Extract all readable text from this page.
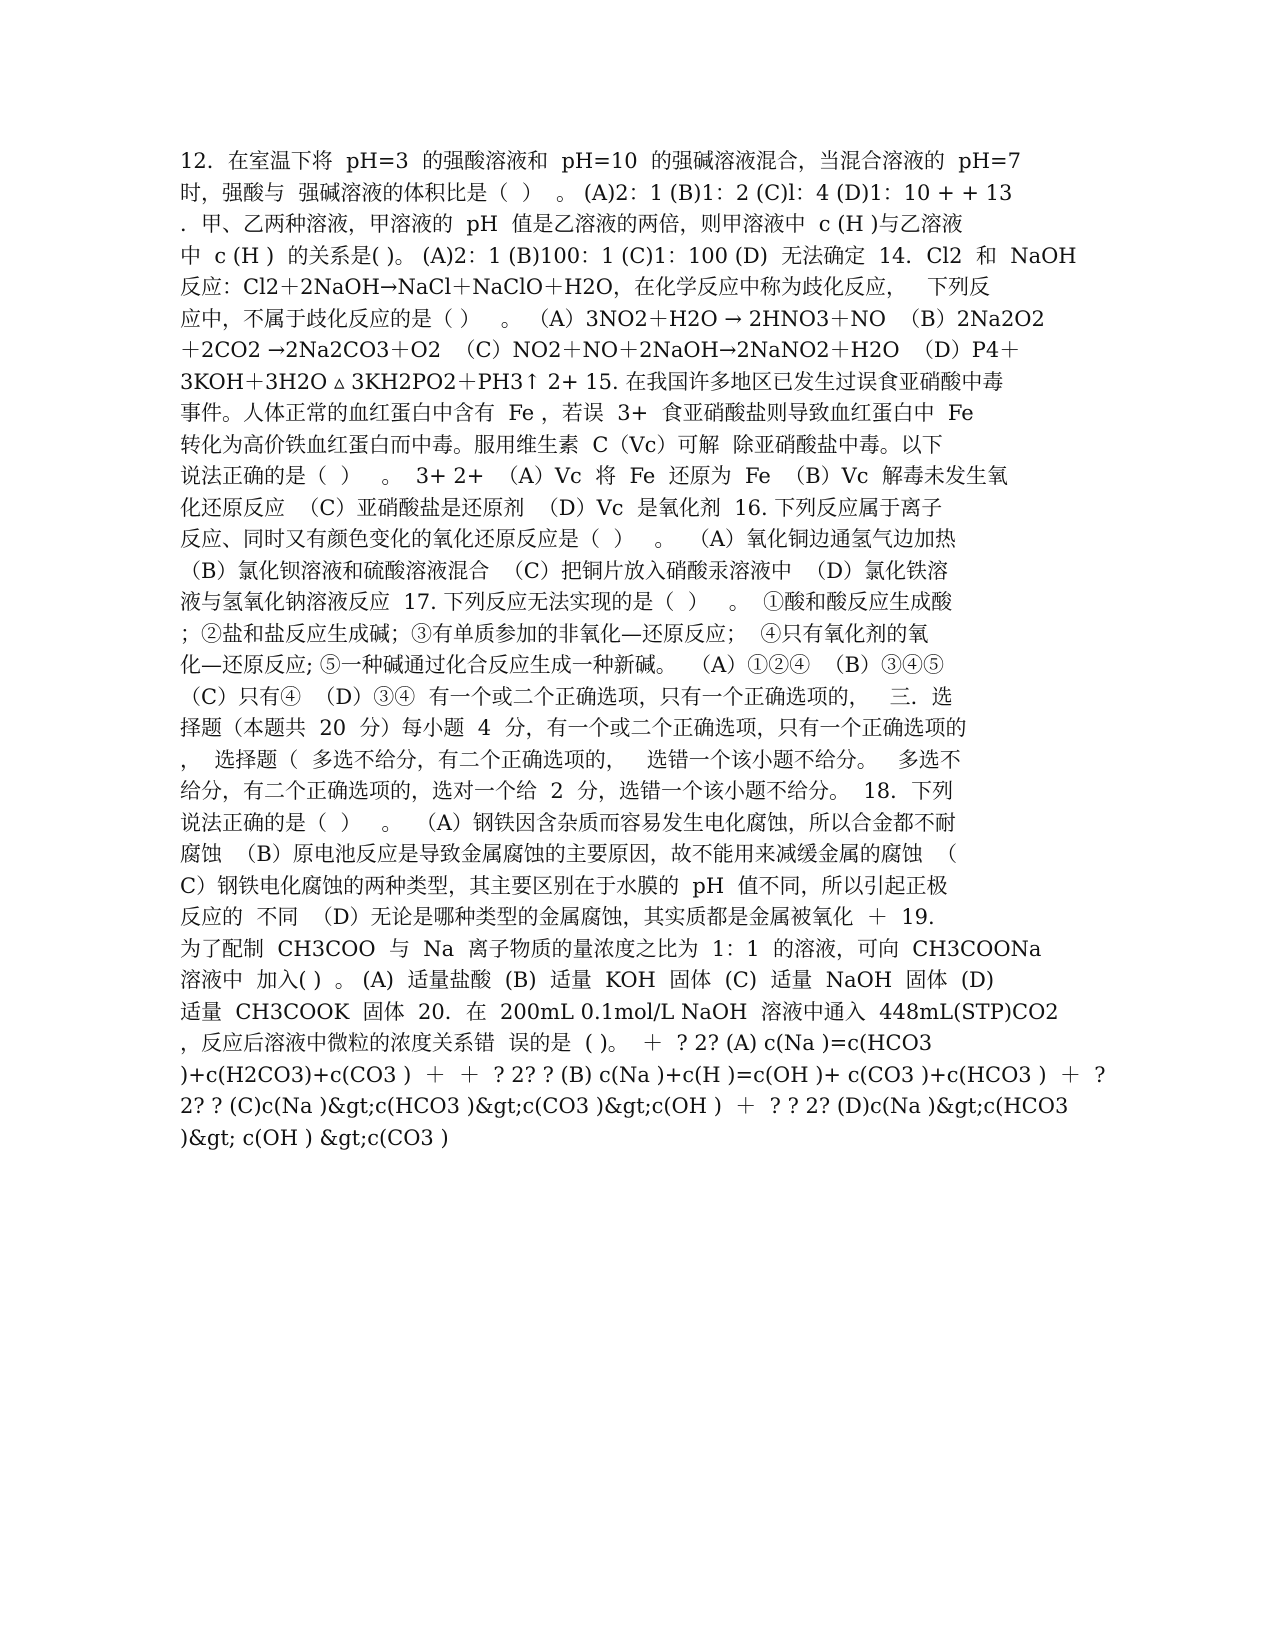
12．在室温下将  pH=3  的强酸溶液和  pH=10  的强碱溶液混合，当混合溶液的  pH=7
时，强酸与  强碱溶液的体积比是（  ）  。 (A)2：1 (B)1：2 (C)l：4 (D)1：10 + + 13
．甲、乙两种溶液，甲溶液的  pH  值是乙溶液的两倍，则甲溶液中  c (H )与乙溶液
中  c (H )  的关系是( )。 (A)2：1 (B)100：1 (C)1：100 (D)  无法确定  14．Cl2  和  NaOH
反应：Cl2＋2NaOH→NaCl＋NaClO＋H2O，在化学反应中称为歧化反应，   下列反
应中，不属于歧化反应的是（ ）   。 （A）3NO2＋H2O → 2HNO3＋NO  （B）2Na2O2
＋2CO2 →2Na2CO3＋O2  （C）NO2＋NO＋2NaOH→2NaNO2＋H2O  （D）P4＋
3KOH＋3H2O ▵ 3KH2PO2＋PH3↑ 2+ 15. 在我国许多地区已发生过误食亚硝酸中毒
事件。人体正常的血红蛋白中含有  Fe ，若误  3+  食亚硝酸盐则导致血红蛋白中  Fe
转化为高价铁血红蛋白而中毒。服用维生素  C（Vc）可解  除亚硝酸盐中毒。以下
说法正确的是（  ）   。  3+ 2+  （A）Vc  将  Fe  还原为  Fe  （B）Vc  解毒未发生氧
化还原反应  （C）亚硝酸盐是还原剂  （D）Vc  是氧化剂  16. 下列反应属于离子
反应、同时又有颜色变化的氧化还原反应是（  ）   。  （A）氧化铜边通氢气边加热
（B）氯化钡溶液和硫酸溶液混合  （C）把铜片放入硝酸汞溶液中  （D）氯化铁溶
液与氢氧化钠溶液反应  17. 下列反应无法实现的是（  ）   。  ①酸和酸反应生成酸
；②盐和盐反应生成碱；③有单质参加的非氧化—还原反应；  ④只有氧化剂的氧
化—还原反应; ⑤一种碱通过化合反应生成一种新碱。  （A）①②④  （B）③④⑤
（C）只有④  （D）③④  有一个或二个正确选项，只有一个正确选项的，   三．选
择题（本题共  20  分）每小题  4  分，有一个或二个正确选项，只有一个正确选项的
，  选择题（  多选不给分，有二个正确选项的，   选错一个该小题不给分。   多选不
给分，有二个正确选项的，选对一个给  2  分，选错一个该小题不给分。  18．下列
说法正确的是（  ）   。  （A）钢铁因含杂质而容易发生电化腐蚀，所以合金都不耐
腐蚀  （B）原电池反应是导致金属腐蚀的主要原因，故不能用来减缓金属的腐蚀  （
C）钢铁电化腐蚀的两种类型，其主要区别在于水膜的  pH  值不同，所以引起正极
反应的  不同  （D）无论是哪种类型的金属腐蚀，其实质都是金属被氧化  ＋  19.
为了配制  CH3COO  与  Na  离子物质的量浓度之比为  1：1  的溶液，可向  CH3COONa
溶液中  加入( )  。 (A)  适量盐酸  (B)  适量  KOH  固体  (C)  适量  NaOH  固体  (D)
适量  CH3COOK  固体  20．在  200mL 0.1mol/L NaOH  溶液中通入  448mL(STP)CO2
，反应后溶液中微粒的浓度关系错  误的是  ( )。  ＋  ? 2? (A) c(Na )=c(HCO3
)+c(H2CO3)+c(CO3 )  ＋  ＋  ? 2? ? (B) c(Na )+c(H )=c(OH )+ c(CO3 )+c(HCO3 )  ＋  ?
2? ? (C)c(Na )&gt;c(HCO3 )&gt;c(CO3 )&gt;c(OH )  ＋  ? ? 2? (D)c(Na )&gt;c(HCO3
)&gt; c(OH ) &gt;c(CO3 )
